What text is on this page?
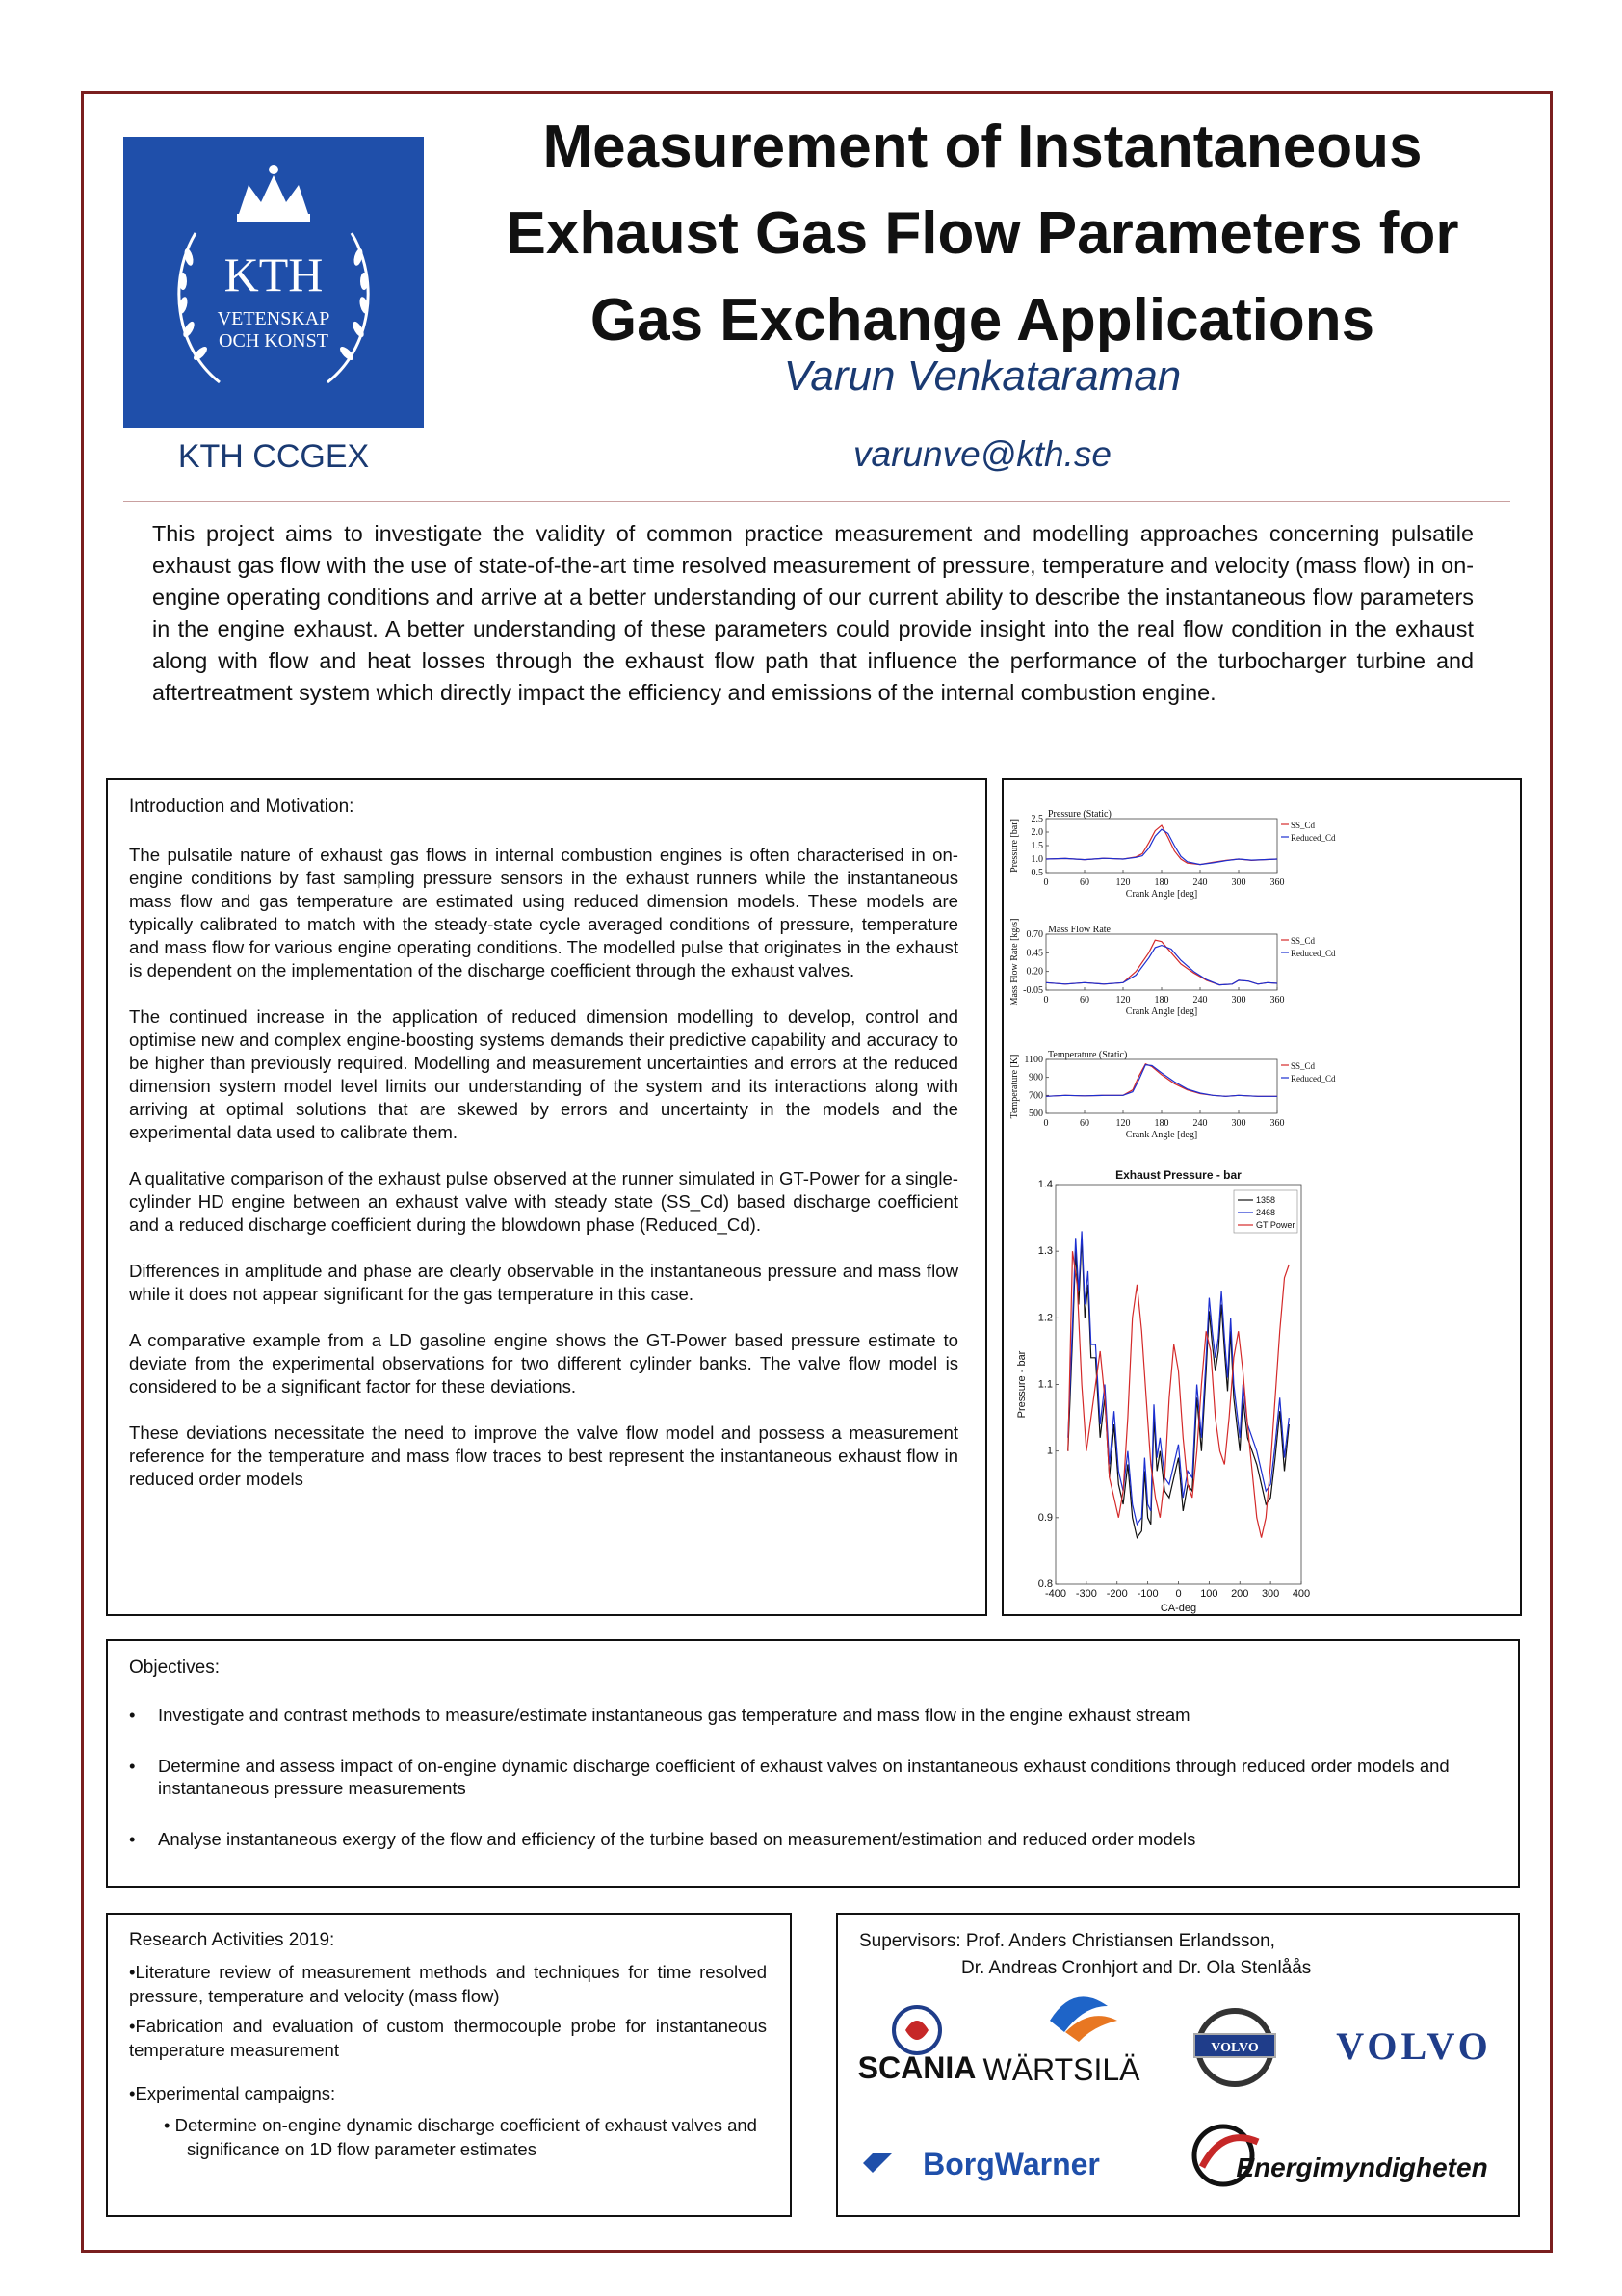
KTH
VETENSKAP
OCH KONST
KTH CCGEX
Measurement of Instantaneous
Exhaust Gas Flow Parameters for
Gas Exchange Applications
Varun Venkataraman
varunve@kth.se
This project aims to investigate the validity of common practice measurement and modelling approaches concerning pulsatile exhaust gas flow with the use of state-of-the-art time resolved measurement of pressure, temperature and velocity (mass flow) in on-engine operating conditions and arrive at a better understanding of our current ability to describe the instantaneous flow parameters in the engine exhaust. A better understanding of these parameters could provide insight into the real flow condition in the exhaust along with flow and heat losses through the exhaust flow path that influence the performance of the turbocharger turbine and aftertreatment system which directly impact the efficiency and emissions of the internal combustion engine.
Introduction and Motivation:

The pulsatile nature of exhaust gas flows in internal combustion engines is often characterised in on-engine conditions by fast sampling pressure sensors in the exhaust runners while the instantaneous mass flow and gas temperature are estimated using reduced dimension models. These models are typically calibrated to match with the steady-state cycle averaged conditions of pressure, temperature and mass flow for various engine operating conditions. The modelled pulse that originates in the exhaust is dependent on the implementation of the discharge coefficient through the exhaust valves.

The continued increase in the application of reduced dimension modelling to develop, control and optimise new and complex engine-boosting systems demands their predictive capability and accuracy to be higher than previously required. Modelling and measurement uncertainties and errors at the reduced dimension system model level limits our understanding of the system and its interactions along with arriving at optimal solutions that are skewed by errors and uncertainty in the models and the experimental data used to calibrate them.

A qualitative comparison of the exhaust pulse observed at the runner simulated in GT-Power for a single-cylinder HD engine between an exhaust valve with steady state (SS_Cd) based discharge coefficient and a reduced discharge coefficient during the blowdown phase (Reduced_Cd).

Differences in amplitude and phase are clearly observable in the instantaneous pressure and mass flow while it does not appear significant for the gas temperature in this case.

A comparative example from a LD gasoline engine shows the GT-Power based pressure estimate to deviate from the experimental observations for two different cylinder banks. The valve flow model is considered to be a significant factor for these deviations.

These deviations necessitate the need to improve the valve flow model and possess a measurement reference for the temperature and mass flow traces to best represent the instantaneous exhaust flow in reduced order models

0	60	120	180	240	300	360
0.5
1.0
1.5
2.0
2.5
Crank Angle [deg]
Pressure [bar]
Pressure (Static)
SS_Cd
Reduced_Cd
0	60	120	180	240	300	360
-0.05
0.20
0.45
0.70
Crank Angle [deg]
Mass Flow Rate [kg/s]	Mass Flow Rate
SS_Cd
Reduced_Cd
0	60	120	180	240	300	360
500
700
900
1100
Crank Angle [deg]
Temperature [K]	Temperature (Static)
SS_Cd
Reduced_Cd
-400 -300 -200 -100 0 100 200 300 400
0.8
0.9
1
1.1
1.2
1.3
1.4
CA-deg
Pressure - bar
Exhaust Pressure - bar
1358
2468
GT Power
Objectives:
• Investigate and contrast methods to measure/estimate instantaneous gas temperature and mass flow in the engine exhaust stream
• Determine and assess impact of on-engine dynamic discharge coefficient of exhaust valves on instantaneous exhaust conditions through reduced order models and instantaneous pressure measurements
• Analyse instantaneous exergy of the flow and efficiency of the turbine based on measurement/estimation and reduced order models
Research Activities 2019:

•Literature review of measurement methods and techniques for time resolved pressure, temperature and velocity (mass flow)

•Fabrication and evaluation of custom thermocouple probe for instantaneous temperature measurement

•Experimental campaigns:

• Determine on-engine dynamic discharge coefficient of exhaust valves and significance on 1D flow parameter estimates

Supervisors: Prof. Anders Christiansen Erlandsson,
Dr. Andreas Cronhjort and Dr. Ola Stenlåås
SCANIA WÄRTSILÄ
VOLVO VOLVO
BorgWarner	Energimyndigheten
